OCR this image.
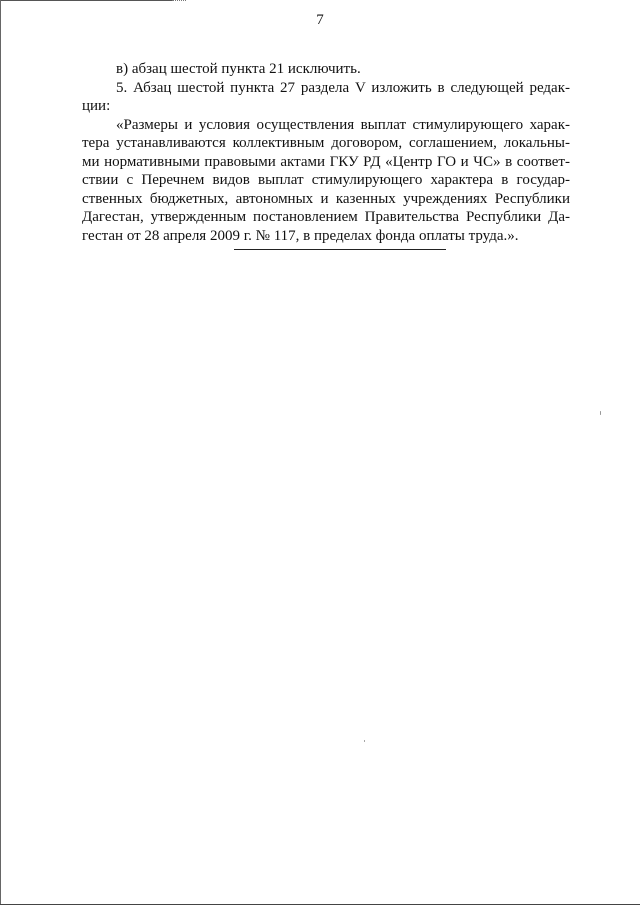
7
в) абзац шестой пункта 21 исключить.
5. Абзац шестой пункта 27 раздела V изложить в следующей редак-
ции:
«Размеры и условия осуществления выплат стимулирующего харак-
тера устанавливаются коллективным договором, соглашением, локальны-
ми нормативными правовыми актами ГКУ РД «Центр ГО и ЧС» в соответ-
ствии с Перечнем видов выплат стимулирующего характера в государ-
ственных бюджетных, автономных и казенных учреждениях Республики
Дагестан, утвержденным постановлением Правительства Республики Да-
гестан от 28 апреля 2009 г. № 117, в пределах фонда оплаты труда.».
